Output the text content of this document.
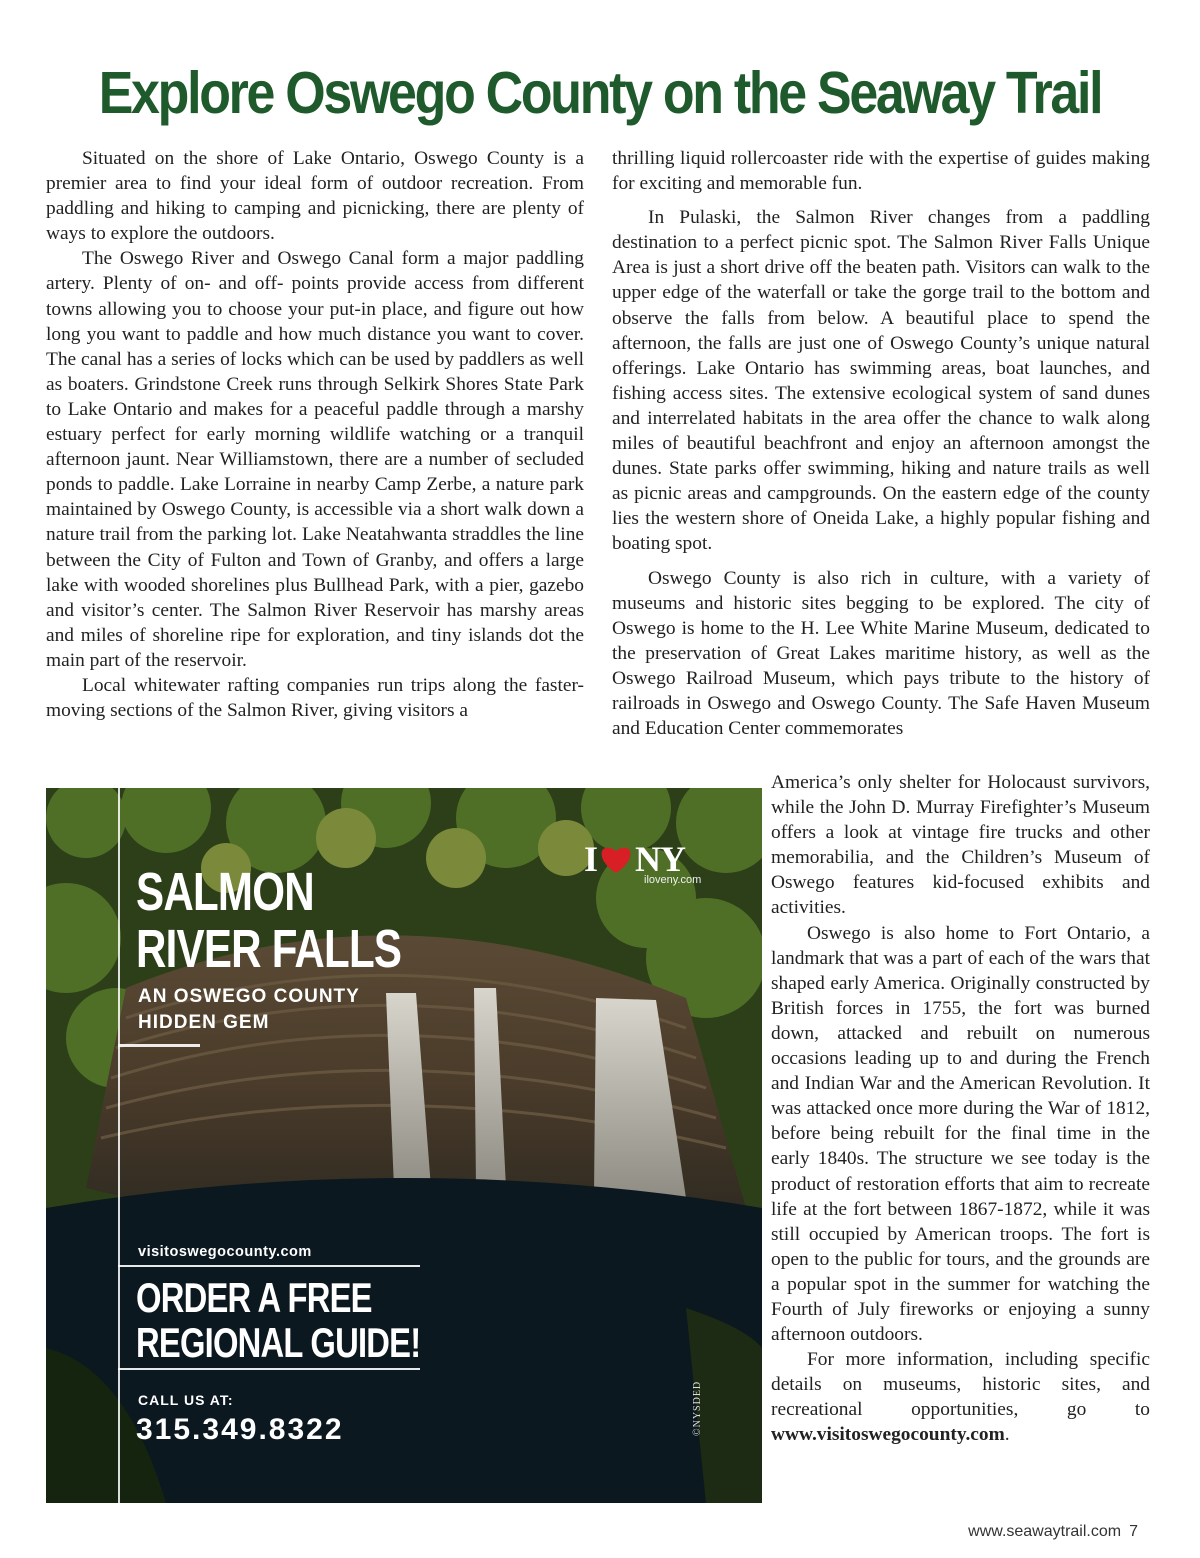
Explore Oswego County on the Seaway Trail

Situated on the shore of Lake Ontario, Oswego County is a premier area to find your ideal form of outdoor recreation. From paddling and hiking to camping and picnicking, there are plenty of ways to explore the outdoors.

The Oswego River and Oswego Canal form a major paddling artery. Plenty of on- and off- points provide access from different towns allowing you to choose your put-in place, and figure out how long you want to paddle and how much distance you want to cover. The canal has a series of locks which can be used by paddlers as well as boaters. Grindstone Creek runs through Selkirk Shores State Park to Lake Ontario and makes for a peaceful paddle through a marshy estuary perfect for early morning wildlife watching or a tranquil afternoon jaunt. Near Williamstown, there are a number of secluded ponds to paddle. Lake Lorraine in nearby Camp Zerbe, a nature park maintained by Oswego County, is accessible via a short walk down a nature trail from the parking lot. Lake Neatahwanta straddles the line between the City of Fulton and Town of Granby, and offers a large lake with wooded shorelines plus Bullhead Park, with a pier, gazebo and visitor’s center. The Salmon River Reservoir has marshy areas and miles of shoreline ripe for exploration, and tiny islands dot the main part of the reservoir.

Local whitewater rafting companies run trips along the faster-moving sections of the Salmon River, giving visitors a

thrilling liquid rollercoaster ride with the expertise of guides making for exciting and memorable fun.

In Pulaski, the Salmon River changes from a paddling destination to a perfect picnic spot. The Salmon River Falls Unique Area is just a short drive off the beaten path. Visitors can walk to the upper edge of the waterfall or take the gorge trail to the bottom and observe the falls from below. A beautiful place to spend the afternoon, the falls are just one of Oswego County’s unique natural offerings. Lake Ontario has swimming areas, boat launches, and fishing access sites. The extensive ecological system of sand dunes and interrelated habitats in the area offer the chance to walk along miles of beautiful beachfront and enjoy an afternoon amongst the dunes. State parks offer swimming, hiking and nature trails as well as picnic areas and campgrounds. On the eastern edge of the county lies the western shore of Oneida Lake, a highly popular fishing and boating spot.

Oswego County is also rich in culture, with a variety of museums and historic sites begging to be explored. The city of Oswego is home to the H. Lee White Marine Museum, dedicated to the preservation of Great Lakes maritime history, as well as the Oswego Railroad Museum, which pays tribute to the history of railroads in Oswego and Oswego County. The Safe Haven Museum and Education Center commemorates

America’s only shelter for Holocaust survivors, while the John D. Murray Firefighter’s Museum offers a look at vintage fire trucks and other memorabilia, and the Children’s Museum of Oswego features kid-focused exhibits and activities.

Oswego is also home to Fort Ontario, a landmark that was a part of each of the wars that shaped early America. Originally constructed by British forces in 1755, the fort was burned down, attacked and rebuilt on numerous occasions leading up to and during the French and Indian War and the American Revolution. It was attacked once more during the War of 1812, before being rebuilt for the final time in the early 1840s. The structure we see today is the product of restoration efforts that aim to recreate life at the fort between 1867-1872, while it was still occupied by American troops. The fort is open to the public for tours, and the grounds are a popular spot in the summer for watching the Fourth of July fireworks or enjoying a sunny afternoon outdoors.

For more information, including specific details on museums, historic sites, and recreational opportunities, go to www.visitoswegocounty.com.

I NY
iloveny.com
SALMON
RIVER FALLS
AN OSWEGO COUNTY
HIDDEN GEM
visitoswegocounty.com
ORDER A FREE
REGIONAL GUIDE!
CALL US AT:
315.349.8322	©NYSDED
www.seawaytrail.com 7
